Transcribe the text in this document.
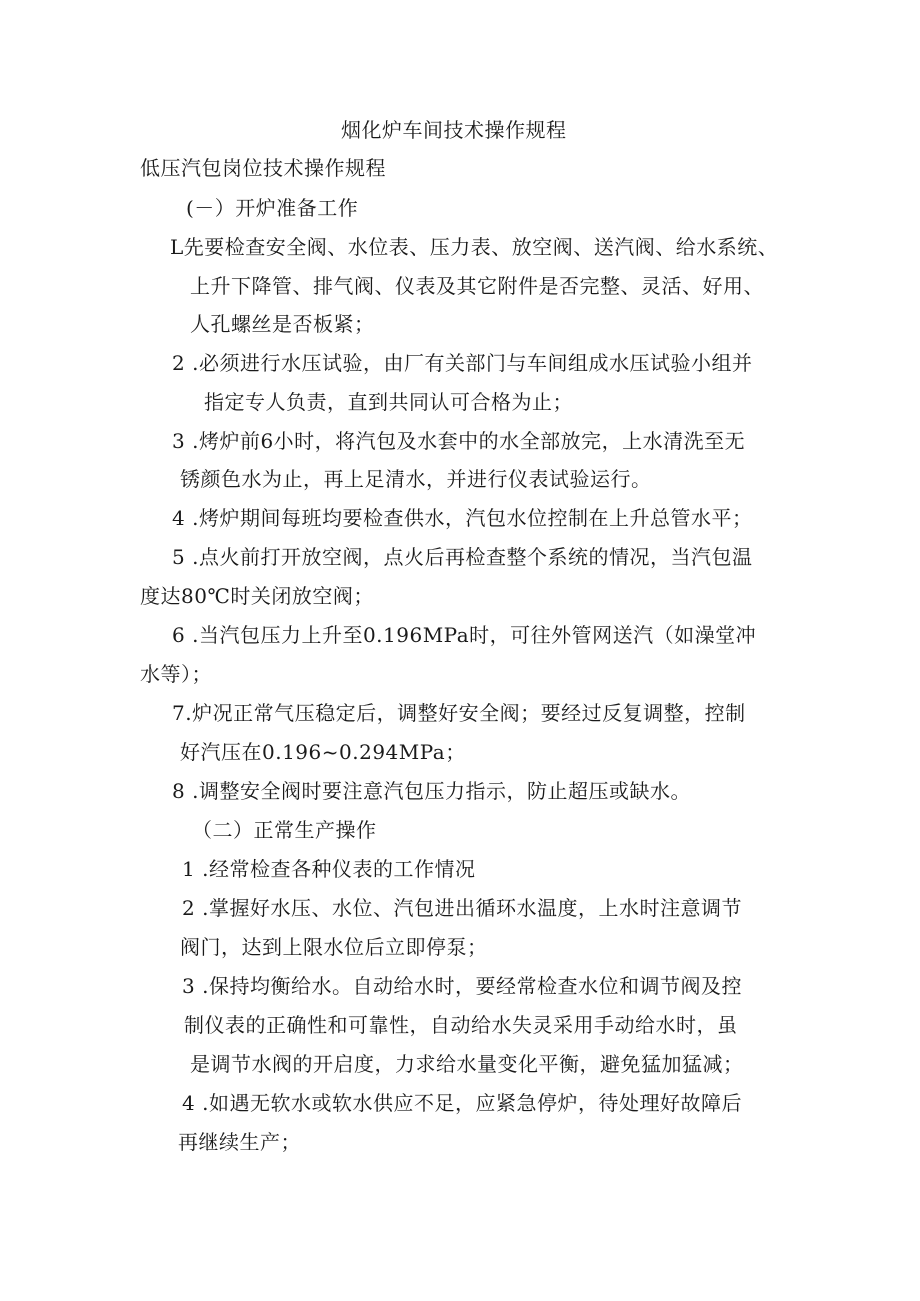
烟化炉车间技术操作规程
低压汽包岗位技术操作规程
(－）开炉准备工作
L先要检查安全阀、水位表、压力表、放空阀、送汽阀、给水系统、
上升下降管、排气阀、仪表及其它附件是否完整、灵活、好用、
人孔螺丝是否板紧；
2 .必须进行水压试验，由厂有关部门与车间组成水压试验小组并
指定专人负责，直到共同认可合格为止；
3 .烤炉前6小时，将汽包及水套中的水全部放完，上水清洗至无
锈颜色水为止，再上足清水，并进行仪表试验运行。
4 .烤炉期间每班均要检查供水，汽包水位控制在上升总管水平；
5 .点火前打开放空阀，点火后再检查整个系统的情况，当汽包温
度达80℃时关闭放空阀；
6 .当汽包压力上升至0.196MPa时，可往外管网送汽（如澡堂冲
水等）；
7.炉况正常气压稳定后，调整好安全阀；要经过反复调整，控制
好汽压在0.196~0.294MPa；
8 .调整安全阀时要注意汽包压力指示，防止超压或缺水。
（二）正常生产操作
1 .经常检查各种仪表的工作情况
2 .掌握好水压、水位、汽包进出循环水温度，上水时注意调节
阀门，达到上限水位后立即停泵；
3 .保持均衡给水。自动给水时，要经常检查水位和调节阀及控
制仪表的正确性和可靠性，自动给水失灵采用手动给水时，虽
是调节水阀的开启度，力求给水量变化平衡，避免猛加猛减；
4 .如遇无软水或软水供应不足，应紧急停炉，待处理好故障后
再继续生产；
